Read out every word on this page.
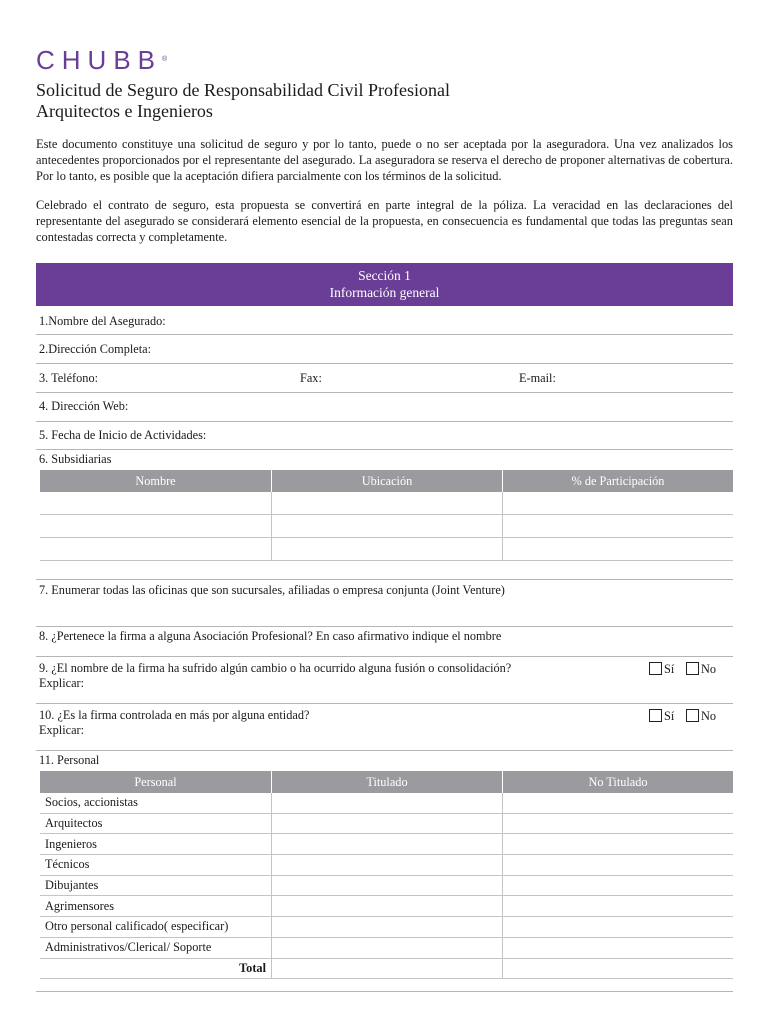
CHUBB®
Solicitud de Seguro de Responsabilidad Civil Profesional
Arquitectos e Ingenieros
Este documento constituye una solicitud de seguro y por lo tanto, puede o no ser aceptada por la aseguradora. Una vez analizados los antecedentes proporcionados por el representante del asegurado. La aseguradora se reserva el derecho de proponer alternativas de cobertura. Por lo tanto, es posible que la aceptación difiera parcialmente con los términos de la solicitud.
Celebrado el contrato de seguro, esta propuesta se convertirá en parte integral de la póliza. La veracidad en las declaraciones del representante del asegurado se considerará elemento esencial de la propuesta, en consecuencia es fundamental que todas las preguntas sean contestadas correcta y completamente.
Sección 1
Información general
1.Nombre del Asegurado:
2.Dirección Completa:
3. Teléfono:	Fax:	E-mail:
4. Dirección Web:
5. Fecha de Inicio de Actividades:
6. Subsidiarias
Nombre	Ubicación	% de Participación

7. Enumerar todas las oficinas que son sucursales, afiliadas o empresa conjunta (Joint Venture)
8. ¿Pertenece la firma a alguna Asociación Profesional? En caso afirmativo indique el nombre
9. ¿El nombre de la firma ha sufrido algún cambio o ha ocurrido alguna fusión o consolidación?
Explicar:
Sí	No
10. ¿Es la firma controlada en más por alguna entidad?
Explicar:
Sí	No
11. Personal
Personal	Titulado	No Titulado
Socios, accionistas		
Arquitectos		
Ingenieros		
Técnicos		
Dibujantes		
Agrimensores		
Otro personal calificado( especificar)		
Administrativos/Clerical/ Soporte		
Total		
